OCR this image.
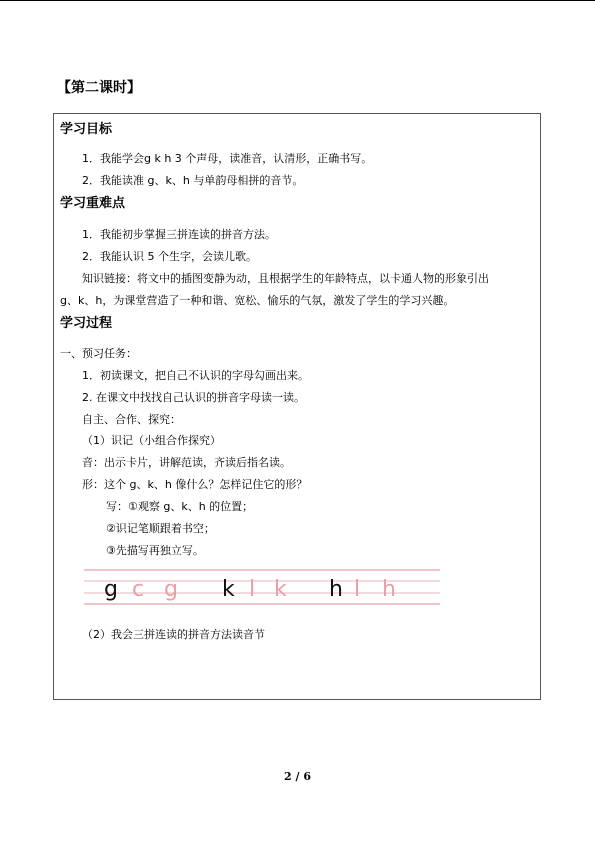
【第二课时】
学习目标
1．我能学会g k h 3 个声母，读准音，认清形，正确书写。
2．我能读准 g、k、h 与单韵母相拼的音节。
学习重难点
1．我能初步掌握三拼连读的拼音方法。
2．我能认识 5 个生字，会读儿歌。
知识链接：将文中的插图变静为动，且根据学生的年龄特点，以卡通人物的形象引出
g、k、h，为课堂营造了一种和谐、宽松、愉乐的气氛，激发了学生的学习兴趣。
学习过程
一、预习任务：
1．初读课文，把自己不认识的字母勾画出来。
2. 在课文中找找自己认识的拼音字母读一读。
自主、合作、探究：
（1）识记（小组合作探究）
音：出示卡片，讲解范读，齐读后指名读。
形：这个 g、k、h 像什么？怎样记住它的形？
写：①观察 g、k、h 的位置；
②识记笔顺跟着书空；
③先描写再独立写。
g c g k l k h l h
（2）我会三拼连读的拼音方法读音节
2 / 6
